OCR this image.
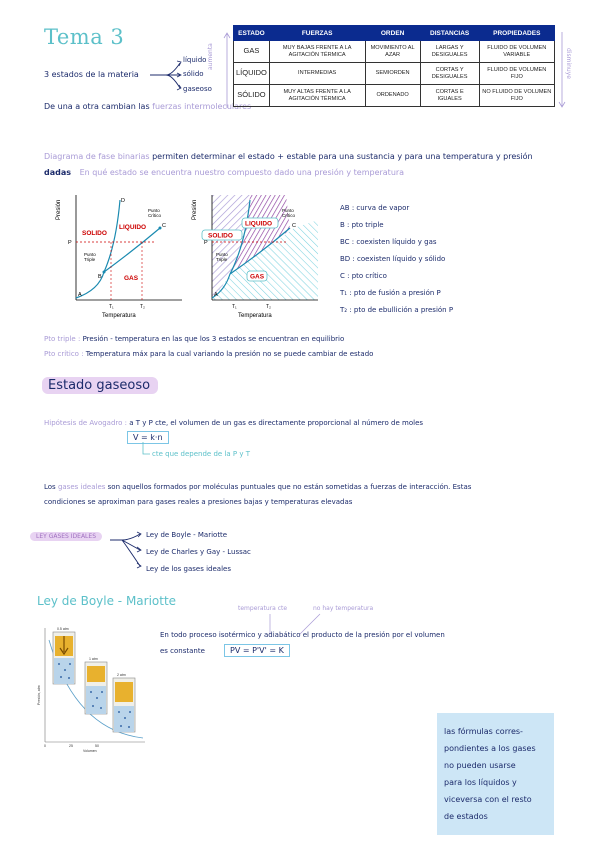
Tema 3
3 estados de la materia
líquido
sólido
gaseoso
De una a otra cambian las fuerzas intermoleculares
aumenta	disminuye
ESTADO	FUERZAS	ORDEN	DISTANCIAS	PROPIEDADES
GAS	MUY BAJAS FRENTE A LA AGITACIÓN TÉRMICA	MOVIMIENTO AL AZAR	LARGAS Y DESIGUALES	FLUIDO DE VOLUMEN VARIABLE
LÍQUIDO	INTERMEDIAS	SEMIORDEN	CORTAS Y DESIGUALES	FLUIDO DE VOLUMEN FIJO
SÓLIDO	MUY ALTAS FRENTE A LA AGITACIÓN TÉRMICA	ORDENADO	CORTAS E IGUALES	NO FLUIDO DE VOLUMEN FIJO
Diagrama de fase binarias permiten determinar el estado + estable para una sustancia y para una temperatura y presión
dadas En qué estado se encuentra nuestro compuesto dado una presión y temperatura
Presión
SOLIDO
LIQUIDO
GAS
Punto
Crítico
Punto
Triple
D
C
B
A
P
T₁	T₂
Temperatura
Presión
SOLIDO
LIQUIDO
GAS
Punto
Crítico
Punto
Triple
A
C
P
T₁	T₂
Temperatura
AB : curva de vapor
B : pto triple
BC : coexisten líquido y gas
BD : coexisten líquido y sólido
C : pto crítico
T₁ : pto de fusión a presión P
T₂ : pto de ebullición a presión P
Pto triple : Presión - temperatura en las que los 3 estados se encuentran en equilibrio
Pto crítico : Temperatura máx para la cual variando la presión no se puede cambiar de estado
Estado gaseoso
Hipótesis de Avogadro : a T y P cte, el volumen de un gas es directamente proporcional al número de moles
V = k·n
cte que depende de la P y T
Los gases ideales son aquellos formados por moléculas puntuales que no están sometidas a fuerzas de interacción. Estas
condiciones se aproximan para gases reales a presiones bajas y temperaturas elevadas
LEY GASES IDEALES	Ley de Boyle - Mariotte
Ley de Charles y Gay - Lussac
Ley de los gases ideales
Ley de Boyle - Mariotte
temperatura cte	no hay temperatura
En todo proceso isotérmico y adiabático el producto de la presión por el volumen
es constante	PV = P'V' = K
0.5 atm
1 atm
2 atm
Presión, atm
Volumen
0	25	50
las fórmulas corres-
pondientes a los gases
no pueden usarse
para los líquidos y
viceversa con el resto
de estados
